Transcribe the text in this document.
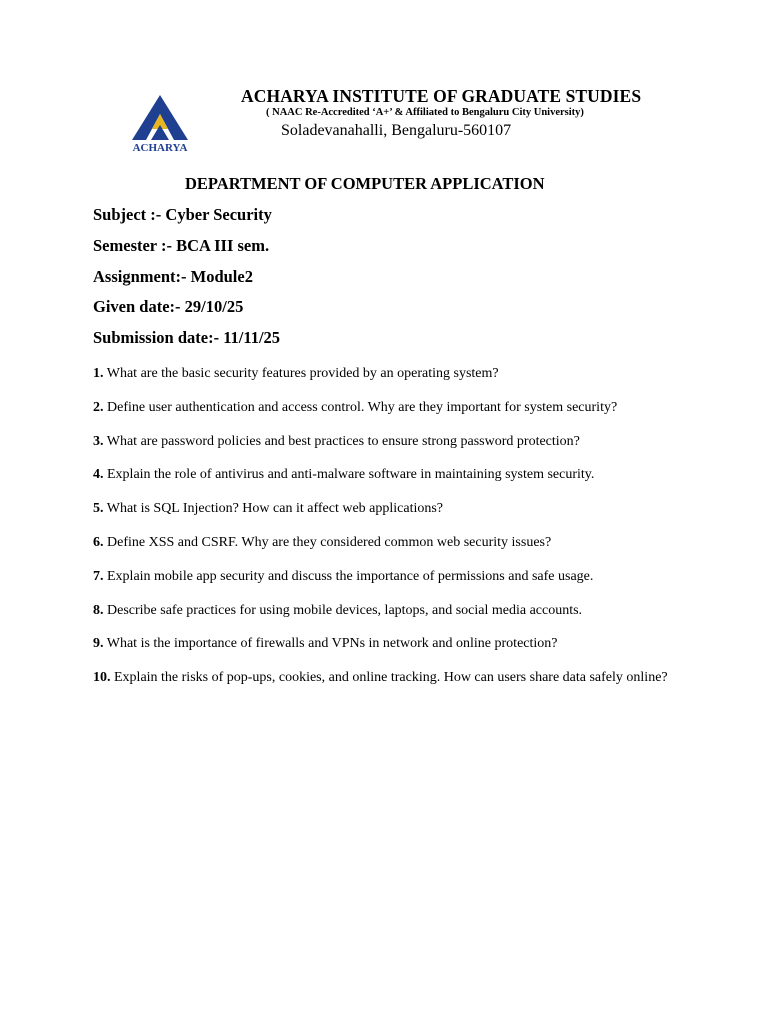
ACHARYA
ACHARYA INSTITUTE OF GRADUATE STUDIES
( NAAC Re-Accredited ‘A+’ & Affiliated to Bengaluru City University)
Soladevanahalli, Bengaluru-560107
DEPARTMENT OF COMPUTER APPLICATION
Subject :- Cyber Security
Semester :- BCA III sem.
Assignment:- Module2
Given date:- 29/10/25
Submission date:- 11/11/25

1. What are the basic security features provided by an operating system?

2. Define user authentication and access control. Why are they important for system security?

3. What are password policies and best practices to ensure strong password protection?

4. Explain the role of antivirus and anti-malware software in maintaining system security.

5. What is SQL Injection? How can it affect web applications?

6. Define XSS and CSRF. Why are they considered common web security issues?

7. Explain mobile app security and discuss the importance of permissions and safe usage.

8. Describe safe practices for using mobile devices, laptops, and social media accounts.

9. What is the importance of firewalls and VPNs in network and online protection?

10. Explain the risks of pop-ups, cookies, and online tracking. How can users share data safely online?
